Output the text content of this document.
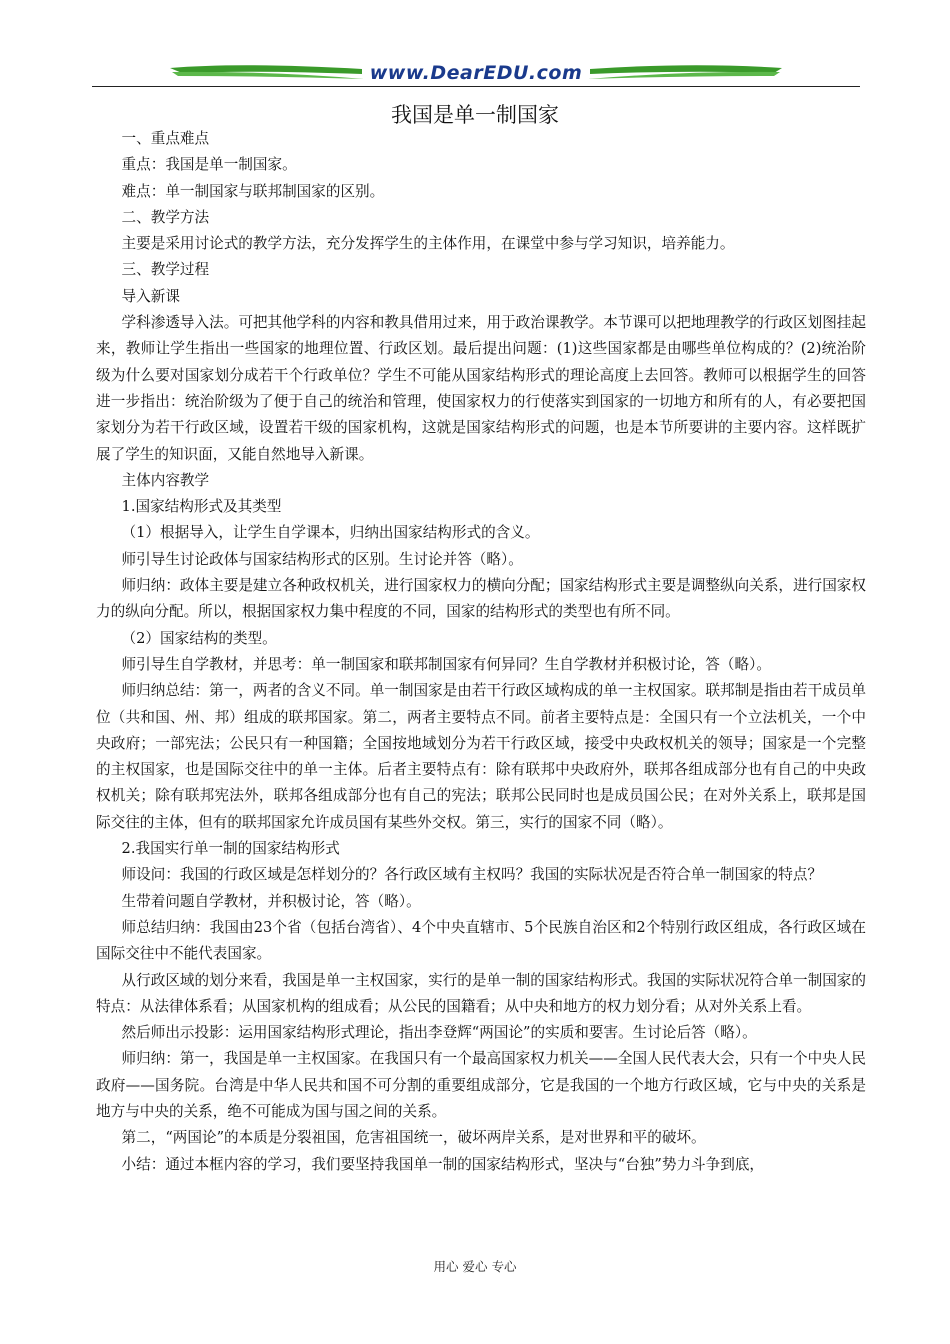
www.DearEDU.com
我国是单一制国家

一、重点难点

重点：我国是单一制国家。

难点：单一制国家与联邦制国家的区别。

二、教学方法

主要是采用讨论式的教学方法，充分发挥学生的主体作用，在课堂中参与学习知识，培养能力。

三、教学过程

导入新课

学科渗透导入法。可把其他学科的内容和教具借用过来，用于政治课教学。本节课可以把地理教学的行政区划图挂起来，教师让学生指出一些国家的地理位置、行政区划。最后提出问题：(1)这些国家都是由哪些单位构成的？(2)统治阶级为什么要对国家划分成若干个行政单位？学生不可能从国家结构形式的理论高度上去回答。教师可以根据学生的回答进一步指出：统治阶级为了便于自己的统治和管理，使国家权力的行使落实到国家的一切地方和所有的人，有必要把国家划分为若干行政区域，设置若干级的国家机构，这就是国家结构形式的问题，也是本节所要讲的主要内容。这样既扩展了学生的知识面，又能自然地导入新课。

主体内容教学

1.国家结构形式及其类型

（1）根据导入，让学生自学课本，归纳出国家结构形式的含义。

师引导生讨论政体与国家结构形式的区别。生讨论并答（略）。

师归纳：政体主要是建立各种政权机关，进行国家权力的横向分配；国家结构形式主要是调整纵向关系，进行国家权力的纵向分配。所以，根据国家权力集中程度的不同，国家的结构形式的类型也有所不同。

（2）国家结构的类型。

师引导生自学教材，并思考：单一制国家和联邦制国家有何异同？生自学教材并积极讨论，答（略）。

师归纳总结：第一，两者的含义不同。单一制国家是由若干行政区域构成的单一主权国家。联邦制是指由若干成员单位（共和国、州、邦）组成的联邦国家。第二，两者主要特点不同。前者主要特点是：全国只有一个立法机关，一个中央政府；一部宪法；公民只有一种国籍；全国按地域划分为若干行政区域，接受中央政权机关的领导；国家是一个完整的主权国家，也是国际交往中的单一主体。后者主要特点有：除有联邦中央政府外，联邦各组成部分也有自己的中央政权机关；除有联邦宪法外，联邦各组成部分也有自己的宪法；联邦公民同时也是成员国公民；在对外关系上，联邦是国际交往的主体，但有的联邦国家允许成员国有某些外交权。第三，实行的国家不同（略）。

2.我国实行单一制的国家结构形式

师设问：我国的行政区域是怎样划分的？各行政区域有主权吗？我国的实际状况是否符合单一制国家的特点？

生带着问题自学教材，并积极讨论，答（略）。

师总结归纳：我国由23个省（包括台湾省）、4个中央直辖市、5个民族自治区和2个特别行政区组成，各行政区域在国际交往中不能代表国家。

从行政区域的划分来看，我国是单一主权国家，实行的是单一制的国家结构形式。我国的实际状况符合单一制国家的特点：从法律体系看；从国家机构的组成看；从公民的国籍看；从中央和地方的权力划分看；从对外关系上看。

然后师出示投影：运用国家结构形式理论，指出李登辉“两国论”的实质和要害。生讨论后答（略）。

师归纳：第一，我国是单一主权国家。在我国只有一个最高国家权力机关——全国人民代表大会，只有一个中央人民政府——国务院。台湾是中华人民共和国不可分割的重要组成部分，它是我国的一个地方行政区域，它与中央的关系是地方与中央的关系，绝不可能成为国与国之间的关系。

第二，“两国论”的本质是分裂祖国，危害祖国统一，破坏两岸关系，是对世界和平的破坏。

小结：通过本框内容的学习，我们要坚持我国单一制的国家结构形式，坚决与“台独”势力斗争到底，

用心 爱心 专心
